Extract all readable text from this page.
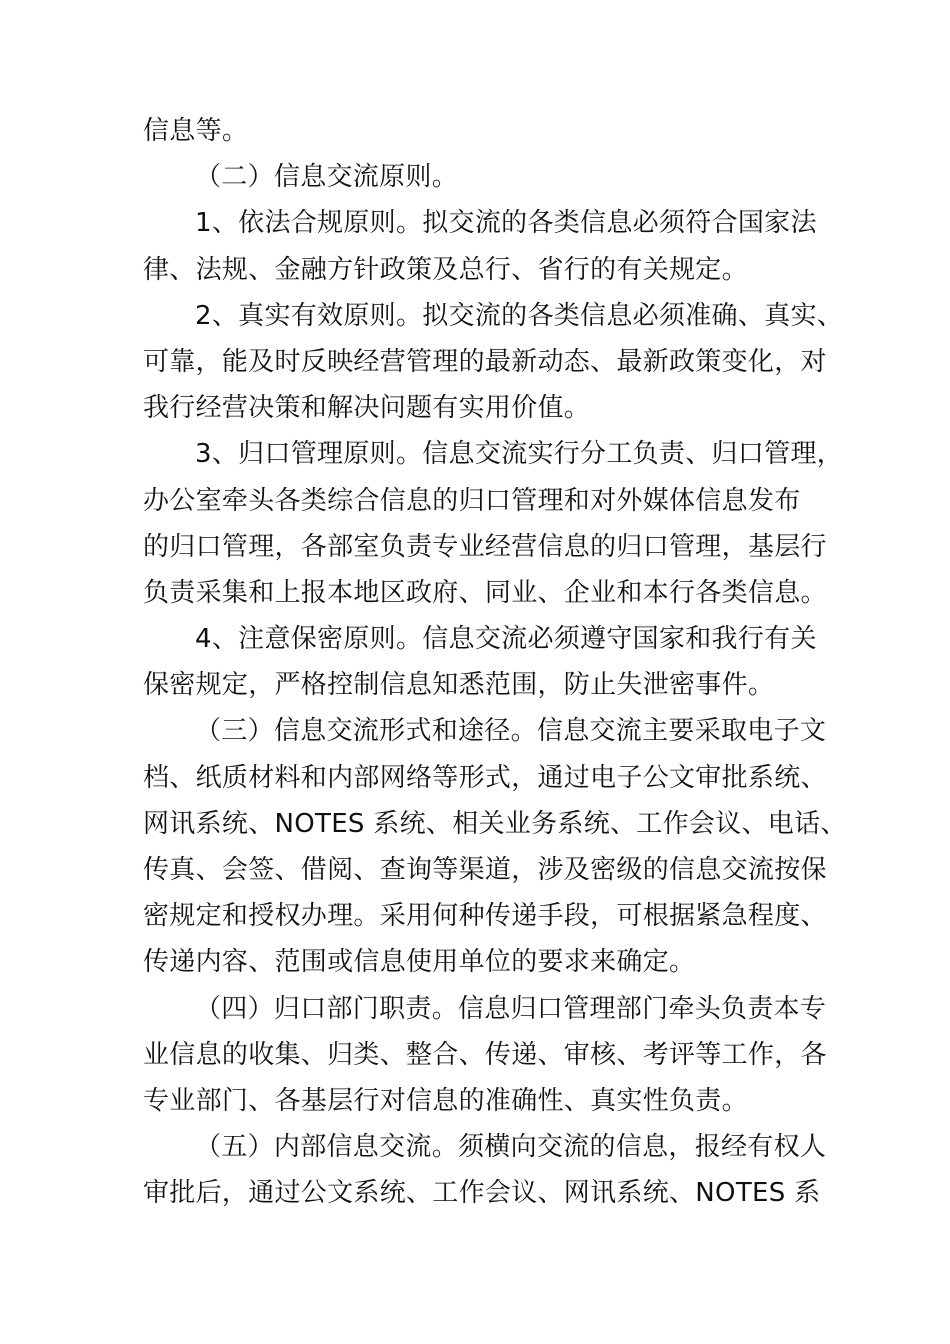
信息等。
（二）信息交流原则。
1、依法合规原则。拟交流的各类信息必须符合国家法
律、法规、金融方针政策及总行、省行的有关规定。
2、真实有效原则。拟交流的各类信息必须准确、真实、
可靠，能及时反映经营管理的最新动态、最新政策变化，对
我行经营决策和解决问题有实用价值。
3、归口管理原则。信息交流实行分工负责、归口管理，
办公室牵头各类综合信息的归口管理和对外媒体信息发布
的归口管理，各部室负责专业经营信息的归口管理，基层行
负责采集和上报本地区政府、同业、企业和本行各类信息。
4、注意保密原则。信息交流必须遵守国家和我行有关
保密规定，严格控制信息知悉范围，防止失泄密事件。
（三）信息交流形式和途径。信息交流主要采取电子文
档、纸质材料和内部网络等形式，通过电子公文审批系统、
网讯系统、NOTES 系统、相关业务系统、工作会议、电话、
传真、会签、借阅、查询等渠道，涉及密级的信息交流按保
密规定和授权办理。采用何种传递手段，可根据紧急程度、
传递内容、范围或信息使用单位的要求来确定。
（四）归口部门职责。信息归口管理部门牵头负责本专
业信息的收集、归类、整合、传递、审核、考评等工作，各
专业部门、各基层行对信息的准确性、真实性负责。
（五）内部信息交流。须横向交流的信息，报经有权人
审批后，通过公文系统、工作会议、网讯系统、NOTES 系
